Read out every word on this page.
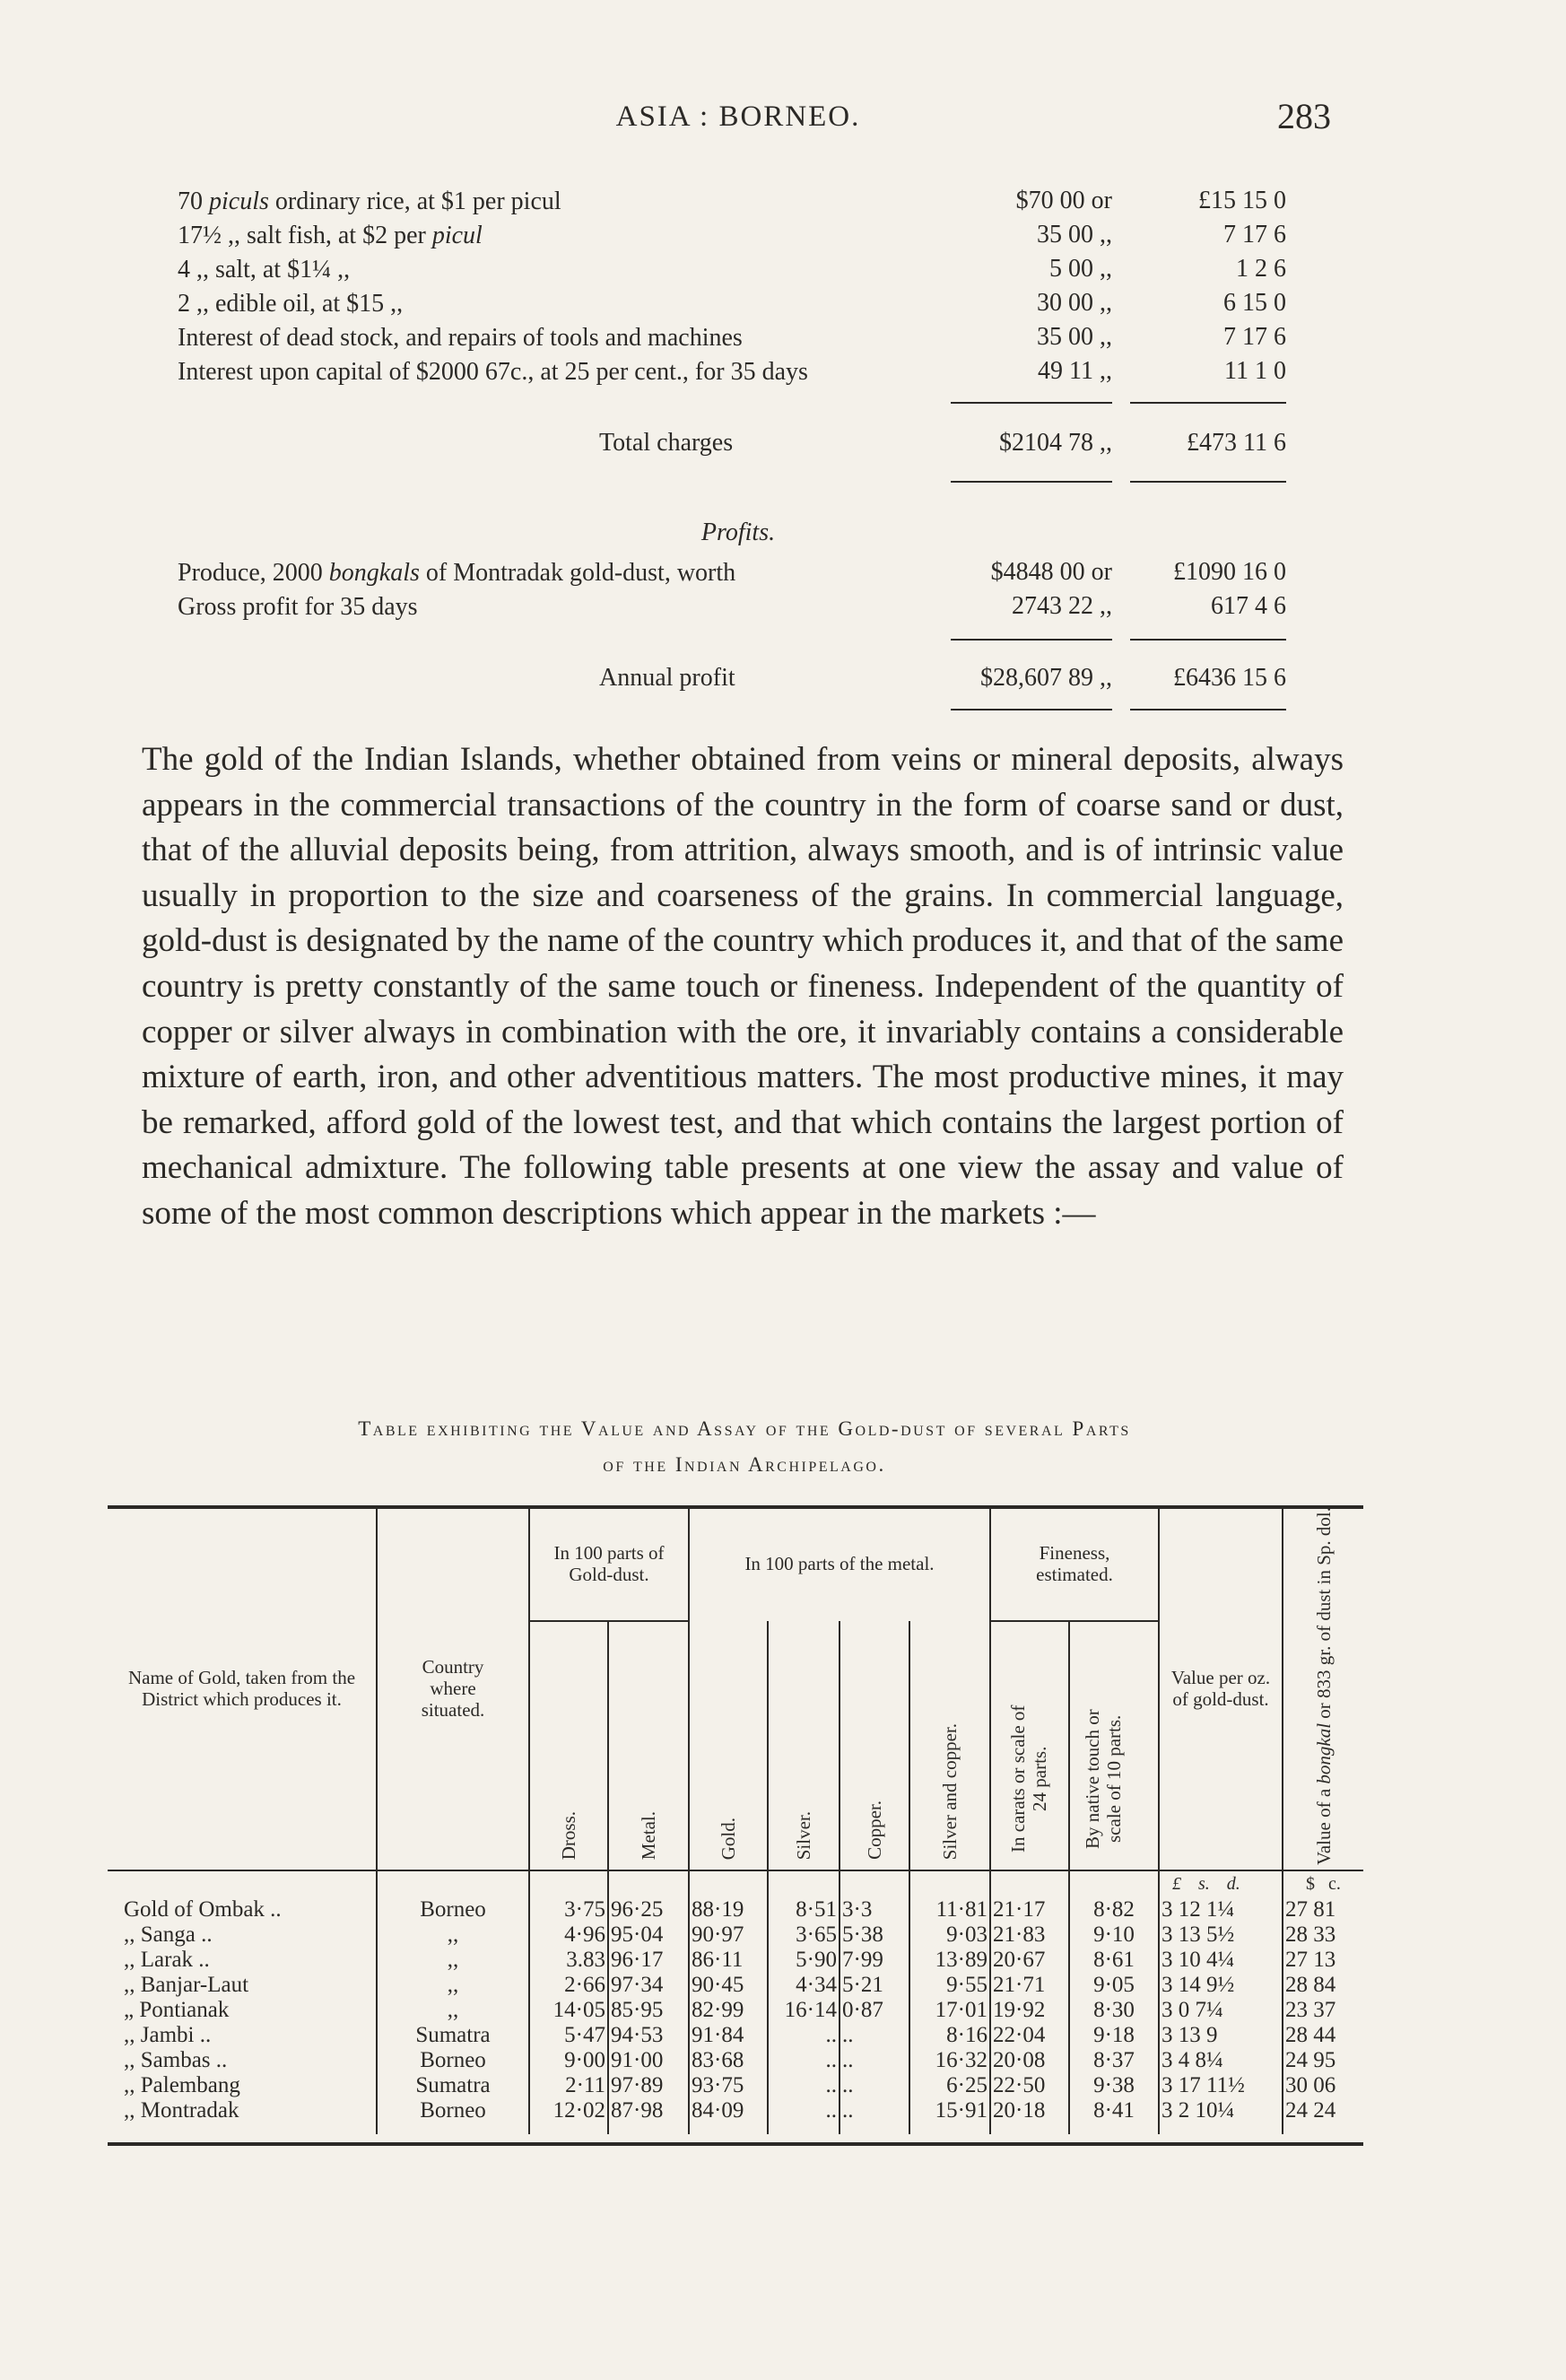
ASIA : BORNEO.	283
70 piculs ordinary rice, at $1 per picul	$70 00 or	£15 15 0
17½ ,, salt fish, at $2 per picul	35 00 ,,	7 17 6
4 ,, salt, at $1¼ ,,	5 00 ,,	1 2 6
2 ,, edible oil, at $15 ,,	30 00 ,,	6 15 0
Interest of dead stock, and repairs of tools and machines	35 00 ,,	7 17 6
Interest upon capital of $2000 67c., at 25 per cent., for 35 days	49 11 ,,	11 1 0
Total charges	$2104 78 ,,	£473 11 6
Profits.
Produce, 2000 bongkals of Montradak gold-dust, worth	$4848 00 or	£1090 16 0
Gross profit for 35 days	2743 22 ,,	617 4 6
Annual profit	$28,607 89 ,,	£6436 15 6
The gold of the Indian Islands, whether obtained from veins or mineral deposits, always appears in the commercial transactions of the country in the form of coarse sand or dust, that of the alluvial deposits being, from attrition, always smooth, and is of intrinsic value usually in proportion to the size and coarseness of the grains. In commercial language, gold-dust is designated by the name of the country which produces it, and that of the same country is pretty constantly of the same touch or fineness. Independent of the quantity of copper or silver always in combination with the ore, it invariably contains a considerable mixture of earth, iron, and other adventitious matters. The most productive mines, it may be remarked, afford gold of the lowest test, and that which contains the largest portion of mechanical admixture. The following table presents at one view the assay and value of some of the most common descriptions which appear in the markets :—
Table exhibiting the Value and Assay of the Gold-dust of several Parts
of the Indian Archipelago.
Name of Gold, taken from the District which produces it.	Country where situated.	In 100 parts of Gold-dust.		In 100 parts of the metal.				Fineness, estimated.		Value per oz. of gold-dust.	Value of a bongkal or 833 gr. of dust in Sp. dol.
		Dross.	Metal.	Gold.	Silver.	Copper.	Silver and copper.	In carats or scale of 24 parts.	By native touch or scale of 10 parts.		
										£ s. d.	$ c.
Gold of Ombak ..	Borneo	3·75	96·25	88·19	8·51	3·3	11·81	21·17	8·82	3 12 1¼	27 81
,, Sanga ..	,,	4·96	95·04	90·97	3·65	5·38	9·03	21·83	9·10	3 13 5½	28 33
,, Larak ..	,,	3.83	96·17	86·11	5·90	7·99	13·89	20·67	8·61	3 10 4¼	27 13
,, Banjar-Laut	,,	2·66	97·34	90·45	4·34	5·21	9·55	21·71	9·05	3 14 9½	28 84
„ Pontianak	,,	14·05	85·95	82·99	16·14	0·87	17·01	19·92	8·30	3 0 7¼	23 37
,, Jambi ..	Sumatra	5·47	94·53	91·84	..	..	8·16	22·04	9·18	3 13 9	28 44
,, Sambas ..	Borneo	9·00	91·00	83·68	..	..	16·32	20·08	8·37	3 4 8¼	24 95
,, Palembang	Sumatra	2·11	97·89	93·75	..	..	6·25	22·50	9·38	3 17 11½	30 06
,, Montradak	Borneo	12·02	87·98	84·09	..	..	15·91	20·18	8·41	3 2 10¼	24 24
